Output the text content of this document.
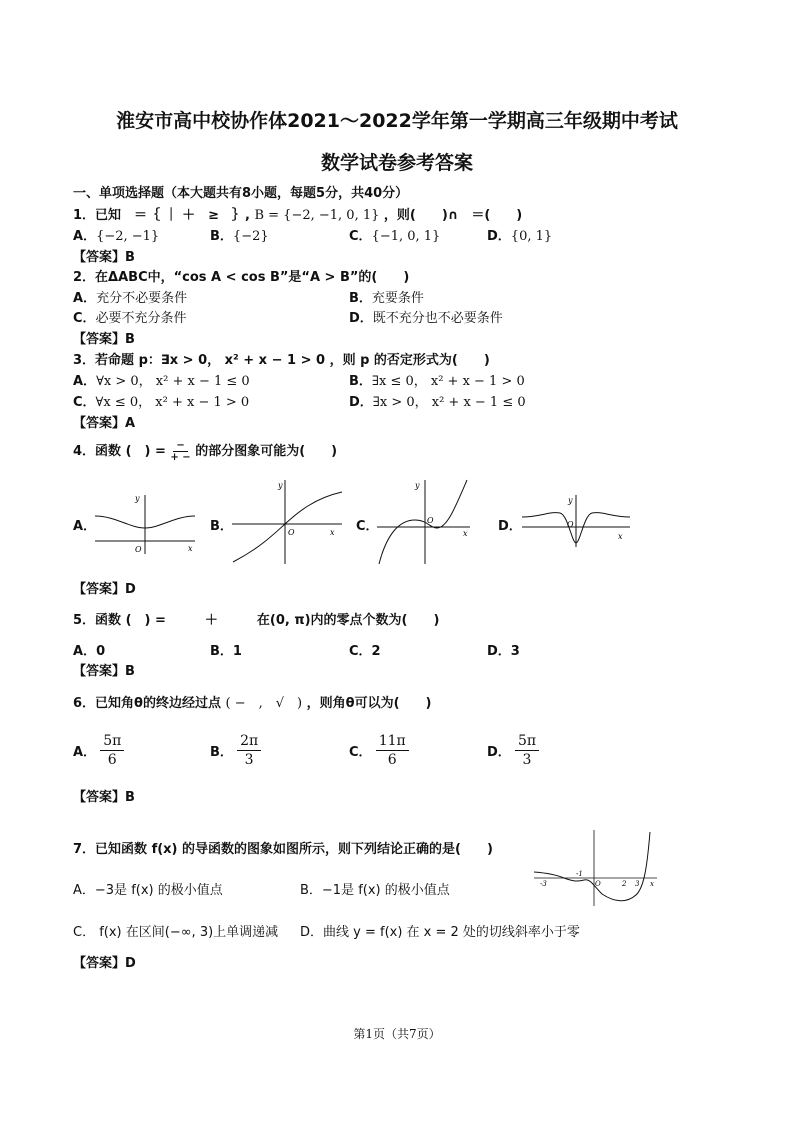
淮安市高中校协作体2021～2022学年第一学期高三年级期中考试
数学试卷参考答案
一、单项选择题（本大题共有8小题，每题5分，共40分）
1．已知　＝｛ ｜ ＋　≥　｝, B = {−2, −1, 0, 1} ，则(　　)∩　＝(　　)
A．{−2, −1}	B．{−2}	C．{−1, 0, 1}	D．{0, 1}
【答案】B
2．在ΔABC中，“cos A < cos B”是“A > B”的(　　)
A．充分不必要条件	B．充要条件
C．必要不充分条件	D．既不充分也不必要条件
【答案】B
3．若命题 p：∃x > 0， x² + x − 1 > 0 ，则 p 的否定形式为(　　)
A．∀x > 0， x² + x − 1 ≤ 0	B．∃x ≤ 0， x² + x − 1 > 0
C．∀x ≤ 0， x² + x − 1 > 0	D．∃x > 0， x² + x − 1 ≤ 0
【答案】A
4．函数 (　) = $\frac{-}{+ -}$ 的部分图象可能为(　　)
A．
O	x
y
B．	O	x
y
C．	O
x
y
D．	O
x
y
【答案】D
5．函数 (　) =　　　＋　　　在(0, π)内的零点个数为(　　)
A．0	B．1	C．2	D．3
【答案】B
6．已知角θ的终边经过点 ( −　,　√　) ，则角θ可以为(　　)
A． $\frac{5\pi}{6}$	B． $\frac{2\pi}{3}$	C． $\frac{11\pi}{6}$	D． $\frac{5\pi}{3}$
【答案】B
7．已知函数 f(x) 的导函数的图象如图所示，则下列结论正确的是(　　)
A．−3是 f(x) 的极小值点	B．−1是 f(x) 的极小值点
C． f(x) 在区间(−∞, 3)上单调递减 D．曲线 y = f(x) 在 x = 2 处的切线斜率小于零
【答案】D
-3
-1
O	2 3 x
第1页（共7页）
